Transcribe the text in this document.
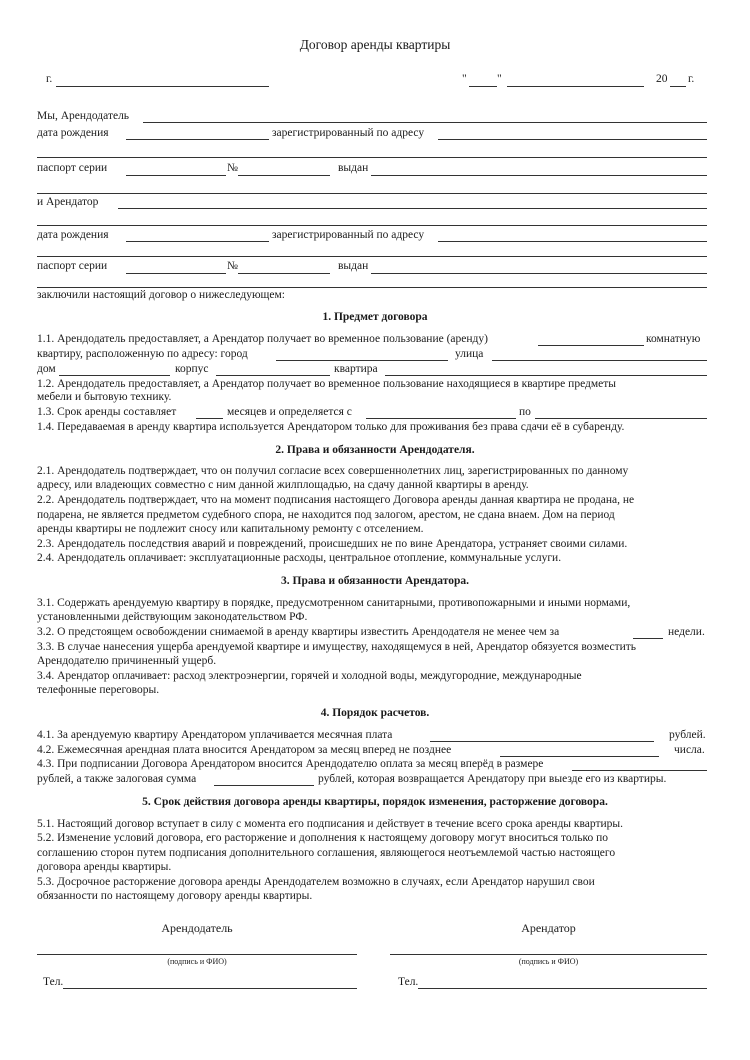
Договор аренды квартиры
г.	"	"	20 г.
Мы, Арендодатель
дата рождения	зарегистрированный по адресу
паспорт серии	№	выдан
и Арендатор
дата рождения	зарегистрированный по адресу
паспорт серии	№	выдан
заключили настоящий договор о нижеследующем:
1. Предмет договора
1.1. Арендодатель предоставляет, а Арендатор получает во временное пользование (аренду)	комнатную
квартиру, расположенную по адресу: город	улица
дом	корпус	квартира
1.2. Арендодатель предоставляет, а Арендатор получает во временное пользование находящиеся в квартире предметы
мебели и бытовую технику.
1.3. Срок аренды составляет	месяцев и определяется с	по
1.4. Передаваемая в аренду квартира используется Арендатором только для проживания без права сдачи её в субаренду.
2. Права и обязанности Арендодателя.
2.1. Арендодатель подтверждает, что он получил согласие всех совершеннолетних лиц, зарегистрированных по данному
адресу, или владеющих совместно с ним данной жилплощадью, на сдачу данной квартиры в аренду.
2.2. Арендодатель подтверждает, что на момент подписания настоящего Договора аренды данная квартира не продана, не
подарена, не является предметом судебного спора, не находится под залогом, арестом, не сдана внаем. Дом на период
аренды квартиры не подлежит сносу или капитальному ремонту с отселением.
2.3. Арендодатель последствия аварий и повреждений, происшедших не по вине Арендатора, устраняет своими силами.
2.4. Арендодатель оплачивает: эксплуатационные расходы, центральное отопление, коммунальные услуги.
3. Права и обязанности Арендатора.
3.1. Содержать арендуемую квартиру в порядке, предусмотренном санитарными, противопожарными и иными нормами,
установленными действующим законодательством РФ.
3.2. О предстоящем освобождении снимаемой в аренду квартиры известить Арендодателя не менее чем за	недели.
3.3. В случае нанесения ущерба арендуемой квартире и имуществу, находящемуся в ней, Арендатор обязуется возместить
Арендодателю причиненный ущерб.
3.4. Арендатор оплачивает: расход электроэнергии, горячей и холодной воды, междугородние, международные
телефонные переговоры.
4. Порядок расчетов.
4.1. За арендуемую квартиру Арендатором уплачивается месячная плата	рублей.
4.2. Ежемесячная арендная плата вносится Арендатором за месяц вперед не позднее	числа.
4.3. При подписании Договора Арендатором вносится Арендодателю оплата за месяц вперёд в размере
рублей, а также залоговая сумма	рублей, которая возвращается Арендатору при выезде его из квартиры.
5. Срок действия договора аренды квартиры, порядок изменения, расторжение договора.
5.1. Настоящий договор вступает в силу с момента его подписания и действует в течение всего срока аренды квартиры.
5.2. Изменение условий договора, его расторжение и дополнения к настоящему договору могут вноситься только по
соглашению сторон путем подписания дополнительного соглашения, являющегося неотъемлемой частью настоящего
договора аренды квартиры.
5.3. Досрочное расторжение договора аренды Арендодателем возможно в случаях, если Арендатор нарушил свои
обязанности по настоящему договору аренды квартиры.
Арендодатель	Арендатор
(подпись и ФИО)	(подпись и ФИО)
Тел.	Тел.
